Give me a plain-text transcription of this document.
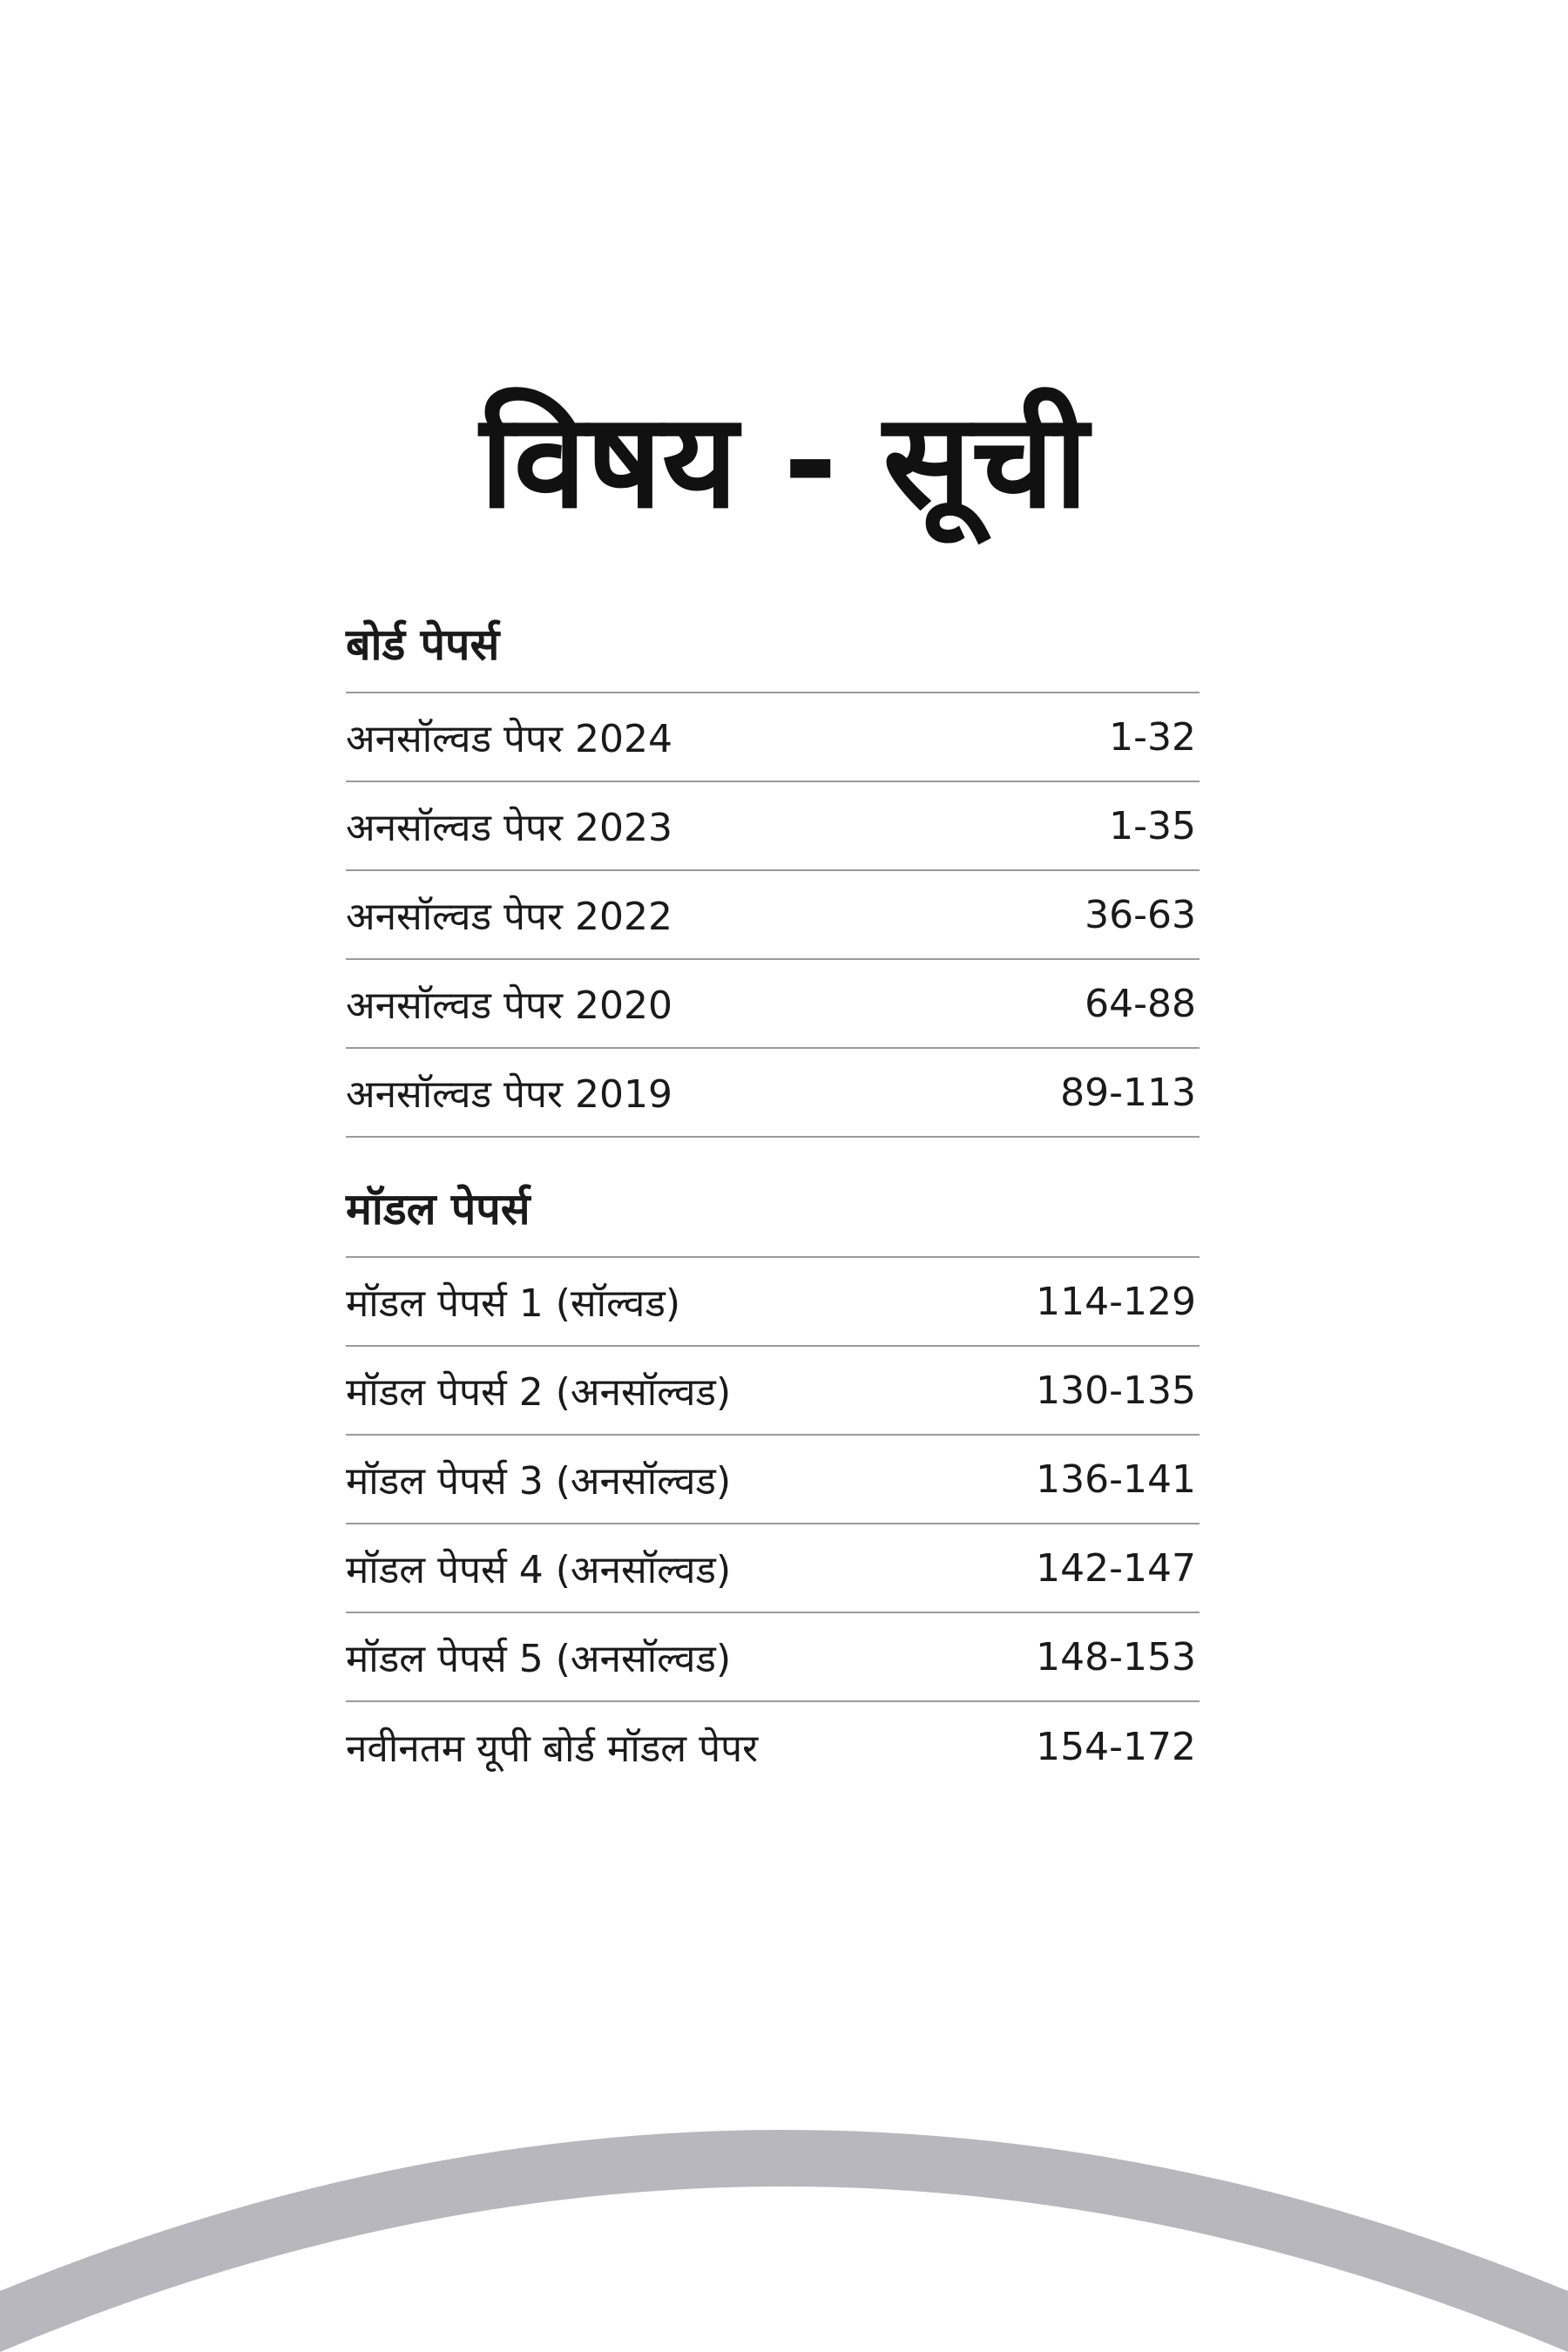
विषय - सूची
बोर्ड पेपर्स
अनसॉल्वड पेपर 2024	1-32
अनसॉल्वड पेपर 2023	1-35
अनसॉल्वड पेपर 2022	36-63
अनसॉल्वड पेपर 2020	64-88
अनसॉल्वड पेपर 2019	89-113
मॉडल पेपर्स
मॉडल पेपर्स 1 (सॉल्वड)	114-129
मॉडल पेपर्स 2 (अनसॉल्वड)	130-135
मॉडल पेपर्स 3 (अनसॉल्वड)	136-141
मॉडल पेपर्स 4 (अनसॉल्वड)	142-147
मॉडल पेपर्स 5 (अनसॉल्वड)	148-153
नवीनतम यूपी बोर्ड मॉडल पेपर	154-172
